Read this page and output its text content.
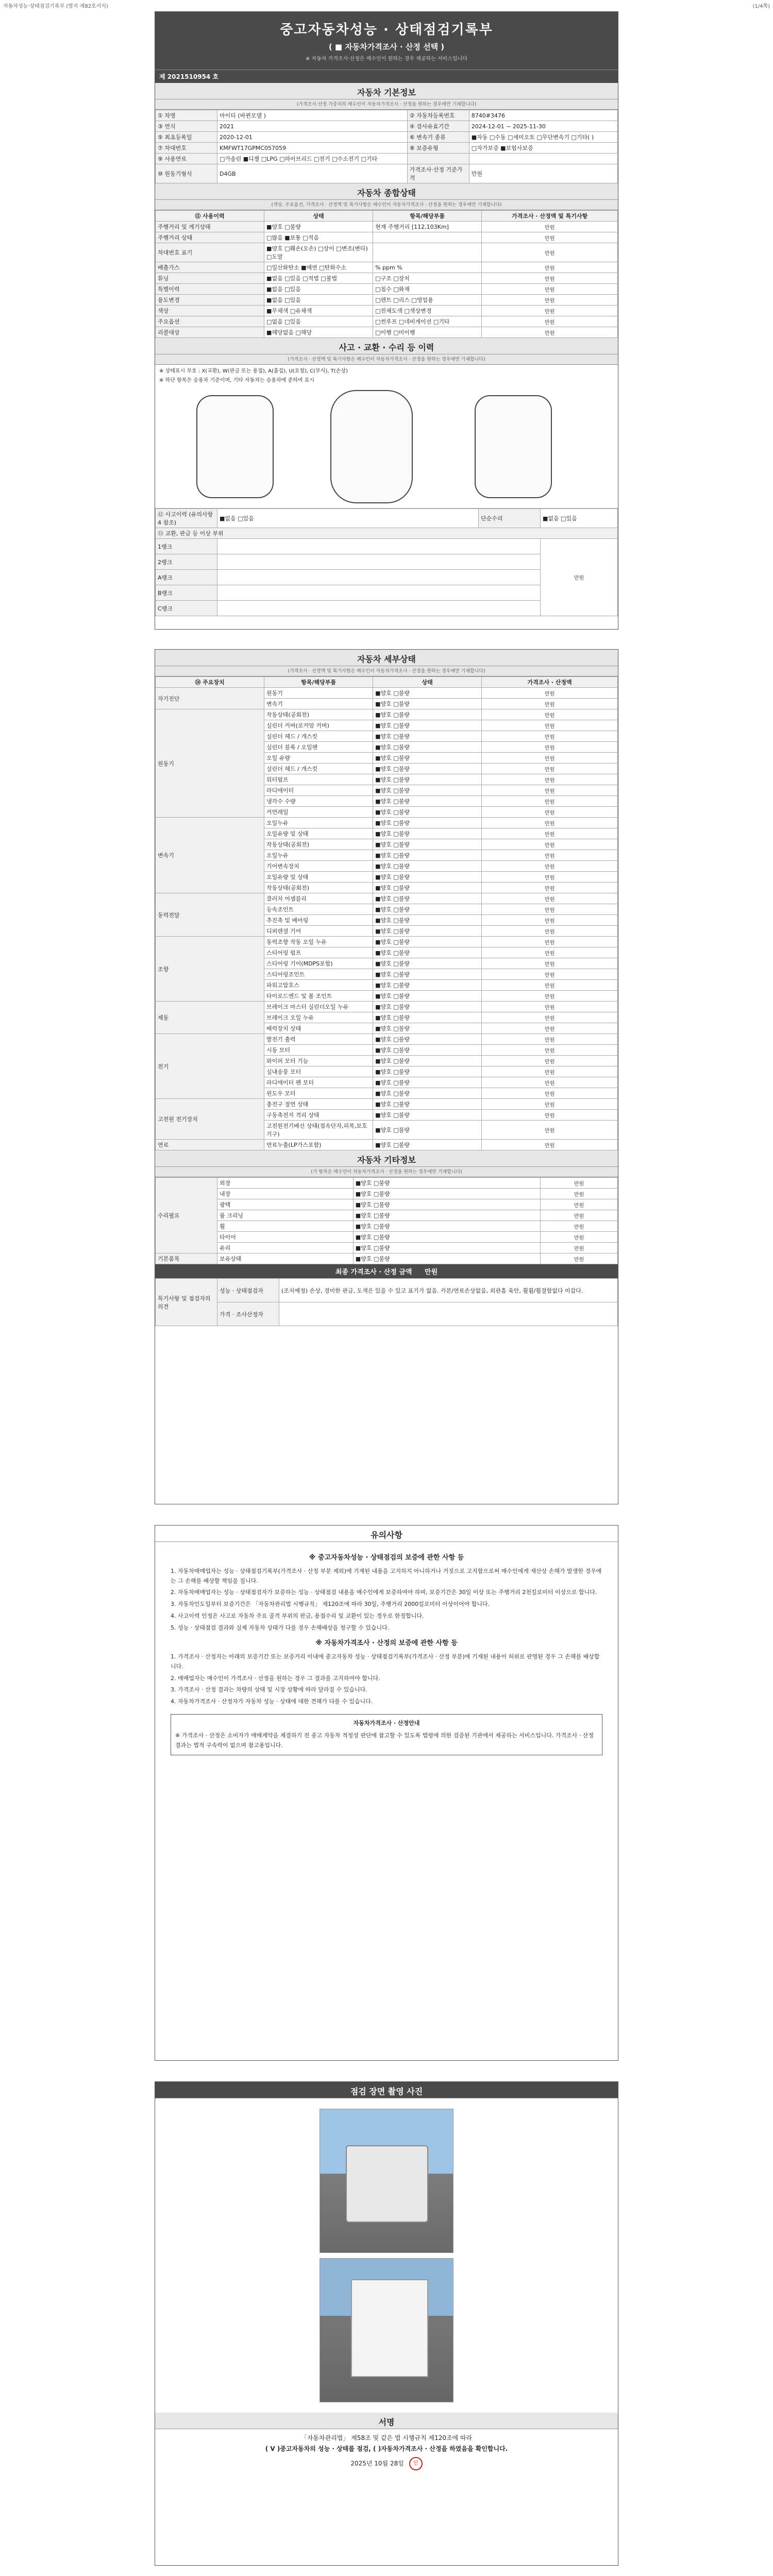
자동차성능·상태점검기록부 (별지 제82호서식)	(1/4쪽)
중고자동차성능 · 상태점검기록부
( ■ 자동차가격조사 · 산정 선택 )
※ 자동차 가격조사·산정은 매수인이 원하는 경우 제공하는 서비스입니다
제 2021510954 호
자동차 기본정보
(가격조사·산정 가중치의 매수인이 자동차가격조사 · 산정을 원하는 경우에만 기재합니다)
① 차명	마이티 (바뀐모델 )	② 자동차등록번호	8740#3476
③ 연식	2021	④ 검사유효기간	2024-12-01 ~ 2025-11-30
⑤ 최초등록일	2020-12-01	⑥ 변속기 종류	■자동 □수동 □세미오토 □무단변속기 □기타( )
⑦ 차대번호	KMFWT17GPMC057059	⑧ 보증유형	□자가보증 ■보험사보증
⑨ 사용연료	□가솔린 ■디젤 □LPG □하이브리드 □전기 □수소전기 □기타		
⑩ 원동기형식	D4GB	가격조사·산정 기준가격	만원
자동차 종합상태
(색상, 주요옵션, 가격조사 · 산정액 및 특기사항은 매수인이 자동차가격조사 · 산정을 원하는 경우에만 기재합니다)
⑪ 사용이력	상태	항목/해당부품	가격조사 · 산정액 및 특기사항
주행거리 및 계기상태	■양호 □불량	현재 주행거리 [112,103Km]	만원
주행거리 상태	□많음 ■보통 □적음		만원
차대번호 표기	■양호 □훼손(오손) □상이 □변조(변타) □도말		만원
배출가스	□일산화탄소 ■매연 □탄화수소	% ppm %	만원
튜닝	■없음 □있음 □적법 □불법	□구조 □장치	만원
특별이력	■없음 □있음	□침수 □화재	만원
용도변경	■없음 □있음	□렌트 □리스 □영업용	만원
색상	■무채색 □유채색	□전체도색 □색상변경	만원
주요옵션	□없음 □있음	□썬루프 □네비게이션 □기타	만원
리콜대상	■해당없음 □해당	□이행 □미이행	만원
사고 · 교환 · 수리 등 이력
(가격조사 · 산정액 및 특기사항은 매수인이 자동차가격조사 · 산정을 원하는 경우에만 기재합니다)
※ 상태표시 부호 : X(교환), W(판금 또는 용접), A(흠집), U(요철), C(부식), T(손상)
※ 하단 항목은 승용차 기준이며, 기타 자동차는 승용차에 준하여 표시
⑫ 사고이력 (유의사항 4 참조)	■없음 □있음	단순수리	■없음 □있음
⑬ 교환, 판금 등 이상 부위			
1랭크			만원
2랭크			
A랭크			
B랭크			
C랭크			
자동차 세부상태
(가격조사 · 산정액 및 특기사항은 매수인이 자동차가격조사 · 산정을 원하는 경우에만 기재합니다)
⑭ 주요장치	항목/해당부품	상태	가격조사 · 산정액
자기진단	원동기	■양호 □불량	만원
	변속기	■양호 □불량	만원
원동기	작동상태(공회전)	■양호 □불량	만원
	실린더 커버(로커암 커버)	■양호 □불량	만원
	실린더 헤드 / 개스킷	■양호 □불량	만원
	실린더 블록 / 오일팬	■양호 □불량	만원
	오일 유량	■양호 □불량	만원
	실린더 헤드 / 개스킷	■양호 □불량	만원
	워터펌프	■양호 □불량	만원
	라디에이터	■양호 □불량	만원
	냉각수 수량	■양호 □불량	만원
	커먼레일	■양호 □불량	만원
변속기	오일누유	■양호 □불량	만원
	오일유량 및 상태	■양호 □불량	만원
	작동상태(공회전)	■양호 □불량	만원
	오일누유	■양호 □불량	만원
	기어변속장치	■양호 □불량	만원
	오일유량 및 상태	■양호 □불량	만원
	작동상태(공회전)	■양호 □불량	만원
동력전달	클러치 어셈블리	■양호 □불량	만원
	등속조인트	■양호 □불량	만원
	추진축 및 베어링	■양호 □불량	만원
	디퍼렌셜 기어	■양호 □불량	만원
조향	동력조향 작동 오일 누유	■양호 □불량	만원
	스티어링 펌프	■양호 □불량	만원
	스티어링 기어(MDPS포함)	■양호 □불량	만원
	스티어링조인트	■양호 □불량	만원
	파워고압호스	■양호 □불량	만원
	타이로드엔드 및 볼 조인트	■양호 □불량	만원
제동	브레이크 마스터 실린더오일 누유	■양호 □불량	만원
	브레이크 오일 누유	■양호 □불량	만원
	배력장치 상태	■양호 □불량	만원
전기	발전기 출력	■양호 □불량	만원
	시동 모터	■양호 □불량	만원
	와이퍼 모터 기능	■양호 □불량	만원
	실내송풍 모터	■양호 □불량	만원
	라디에이터 팬 모터	■양호 □불량	만원
	윈도우 모터	■양호 □불량	만원
고전원 전기장치	충전구 절연 상태	■양호 □불량	만원
	구동축전지 격리 상태	■양호 □불량	만원
	고전원전기배선 상태(접속단자,피복,보호기구)	■양호 □불량	만원
연료	연료누출(LP가스포함)	■양호 □불량	만원
자동차 기타정보
(가 항목은 매수인이 자동차가격조사 · 산정을 원하는 경우에만 기재합니다)
수리필요	외장	■양호 □불량	만원
	내장	■양호 □불량	만원
	광택	■양호 □불량	만원
	룸 크리닝	■양호 □불량	만원
	휠	■양호 □불량	만원
	타이어	■양호 □불량	만원
	유리	■양호 □불량	만원
기본품목	보유상태	■양호 □불량	만원
최종 가격조사 · 산정 금액 만원
특기사항 및 점검자의 의견	성능 · 상태점검자	(조치예정) 손상, 경미한 판금, 도색은 있을 수 있고 표기가 없음. 카본/연료손상없음, 외관흠 육안, 휠휨/휠결함없다 미갑다.
	가격 · 조사산정자	
유의사항
※ 중고자동차성능 · 상태점검의 보증에 관한 사항 등

1. 자동차매매업자는 성능 · 상태점검기록부(가격조사 · 산정 부분 제외)에 기재된 내용을 고지하지 아니하거나 거짓으로 고지함으로써 매수인에게 재산상 손해가 발생한 경우에는 그 손해를 배상할 책임을 집니다.

2. 자동차매매업자는 성능 · 상태점검자가 보증하는 성능 · 상태점검 내용을 매수인에게 보증하여야 하며, 보증기간은 30일 이상 또는 주행거리 2천킬로미터 이상으로 합니다.

3. 자동차인도일부터 보증기간은 「자동차관리법 시행규칙」 제120조에 따라 30일, 주행거리 2000킬로미터 이상이어야 합니다.

4. 사고이력 인정은 사고로 자동차 주요 골격 부위의 판금, 용접수리 및 교환이 있는 경우로 한정합니다.

5. 성능 · 상태점검 결과와 실제 자동차 상태가 다를 경우 손해배상을 청구할 수 있습니다.

※ 자동차가격조사 · 산정의 보증에 관한 사항 등

1. 가격조사 · 산정자는 아래의 보증기간 또는 보증거리 이내에 중고자동차 성능 · 상태점검기록부(가격조사 · 산정 부분)에 기재된 내용이 허위로 판명된 경우 그 손해를 배상합니다.

2. 매매업자는 매수인이 가격조사 · 산정을 원하는 경우 그 결과를 고지하여야 합니다.

3. 가격조사 · 산정 결과는 차량의 상태 및 시장 상황에 따라 달라질 수 있습니다.

4. 자동차가격조사 · 산정자가 자동차 성능 · 상태에 대한 견해가 다를 수 있습니다.

자동차가격조사 · 산정안내
※ 가격조사 · 산정은 소비자가 매매계약을 체결하기 전 중고 자동차 적정성 판단에 참고할 수 있도록 법령에 의한 검증된 기관에서 제공하는 서비스입니다. 가격조사 · 산정 결과는 법적 구속력이 없으며 참고용입니다.
점검 장면 촬영 사진
서명
「자동차관리법」 제58조 및 같은 법 시행규칙 제120조에 따라
( V )중고자동차의 성능 · 상태를 점검, ( )자동차가격조사 · 산정을 하였음을 확인합니다.
2025년 10월 28일 인
